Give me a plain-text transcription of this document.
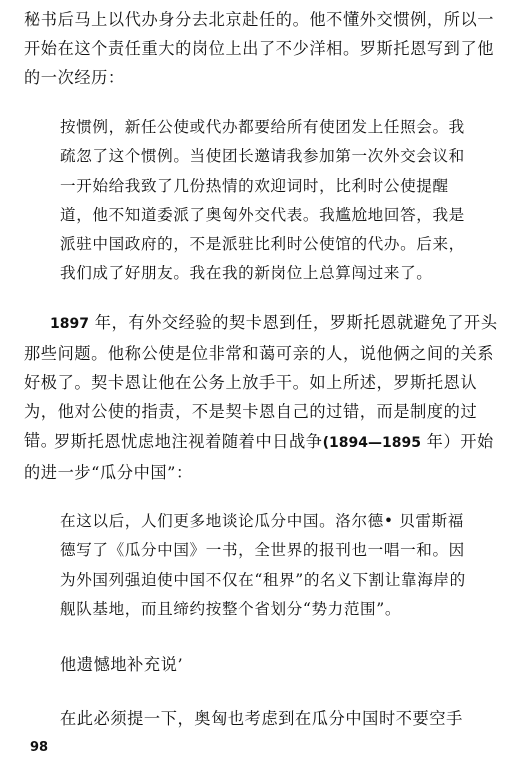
秘书后马上以代办身分去北京赴任的。他不懂外交惯例，所以一开始在这个责任重大的岗位上出了不少洋相。罗斯托恩写到了他的一次经历：

按惯例，新任公使或代办都要给所有使团发上任照会。我疏忽了这个惯例。当使团长邀请我参加第一次外交会议和一开始给我致了几份热情的欢迎词时，比利时公使提醒道，他不知道委派了奥匈外交代表。我尴尬地回答，我是派驻中国政府的，不是派驻比利时公使馆的代办。后来，我们成了好朋友。我在我的新岗位上总算闯过来了。

1897 年，有外交经验的契卡恩到任，罗斯托恩就避免了开头那些问题。他称公使是位非常和蔼可亲的人，说他俩之间的关系好极了。契卡恩让他在公务上放手干。如上所述，罗斯托恩认为，他对公使的指责，不是契卡恩自己的过错，而是制度的过错。

罗斯托恩忧虑地注视着随着中日战争(1894—1895 年）开始的进一步“瓜分中国”：

在这以后，人们更多地谈论瓜分中国。洛尔德• 贝雷斯福德写了《瓜分中国》一书，全世界的报刊也一唱一和。因为外国列强迫使中国不仅在“租界”的名义下割让靠海岸的舰队基地，而且缔约按整个省划分“势力范围”。

他遗憾地补充说’

在此必须提一下，奥匈也考虑到在瓜分中国时不要空手

98
